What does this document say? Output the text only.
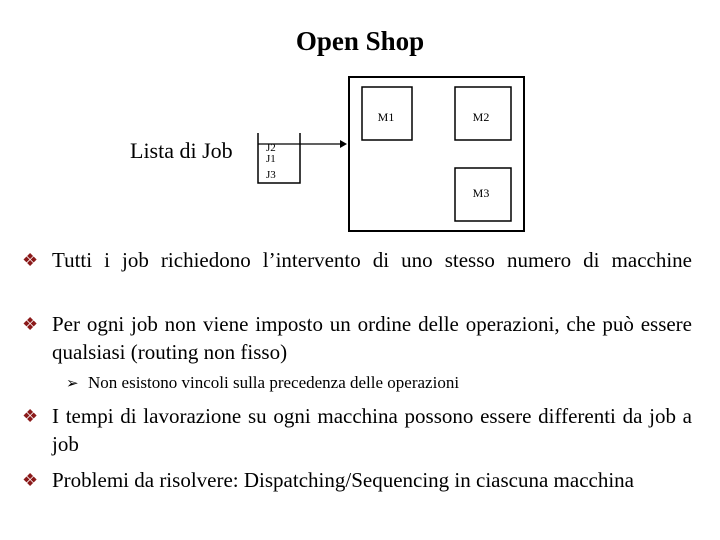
Open Shop
Lista di Job	J2
J1
J3
M1	M2
M3
❖ Tutti i job richiedono l’intervento di uno stesso numero di macchine
❖ Per ogni job non viene imposto un ordine delle operazioni, che può essere qualsiasi (routing non fisso)
➢ Non esistono vincoli sulla precedenza delle operazioni
❖ I tempi di lavorazione su ogni macchina possono essere differenti da job a job
❖ Problemi da risolvere: Dispatching/Sequencing in ciascuna macchina
